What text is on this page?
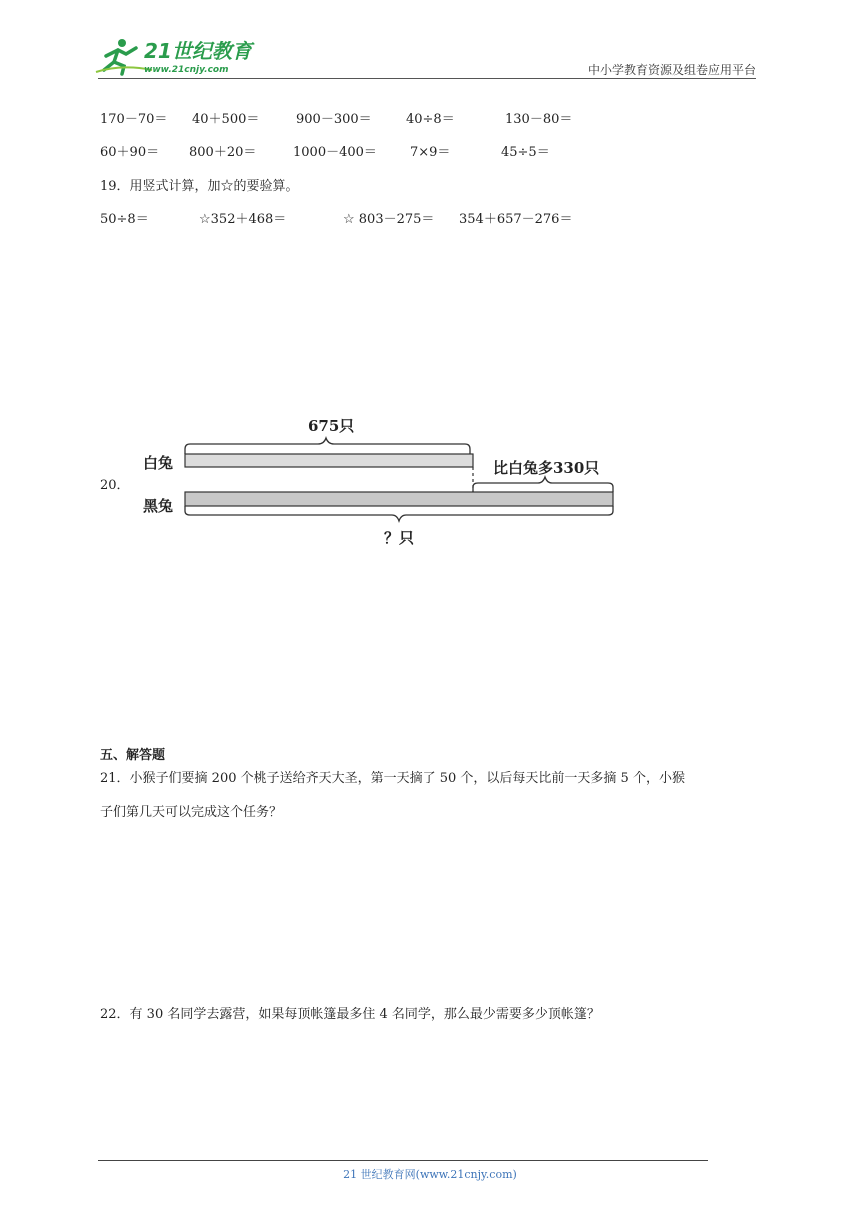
21世纪教育
www.21cnjy.com	中小学教育资源及组卷应用平台
170－70＝ 40＋500＝	900－300＝	40÷8＝	130－80＝
60＋90＝ 800＋20＝	1000－400＝	7×9＝	45÷5＝
19．用竖式计算，加☆的要验算。
50÷8＝	☆352＋468＝	☆ 803－275＝ 354＋657－276＝
20．
白兔
黑兔
675只
比白兔多330只
？只
五、解答题
21．小猴子们要摘 200 个桃子送给齐天大圣，第一天摘了 50 个，以后每天比前一天多摘 5 个，小猴
子们第几天可以完成这个任务？
22．有 30 名同学去露营，如果每顶帐篷最多住 4 名同学，那么最少需要多少顶帐篷？
21 世纪教育网(www.21cnjy.com)
